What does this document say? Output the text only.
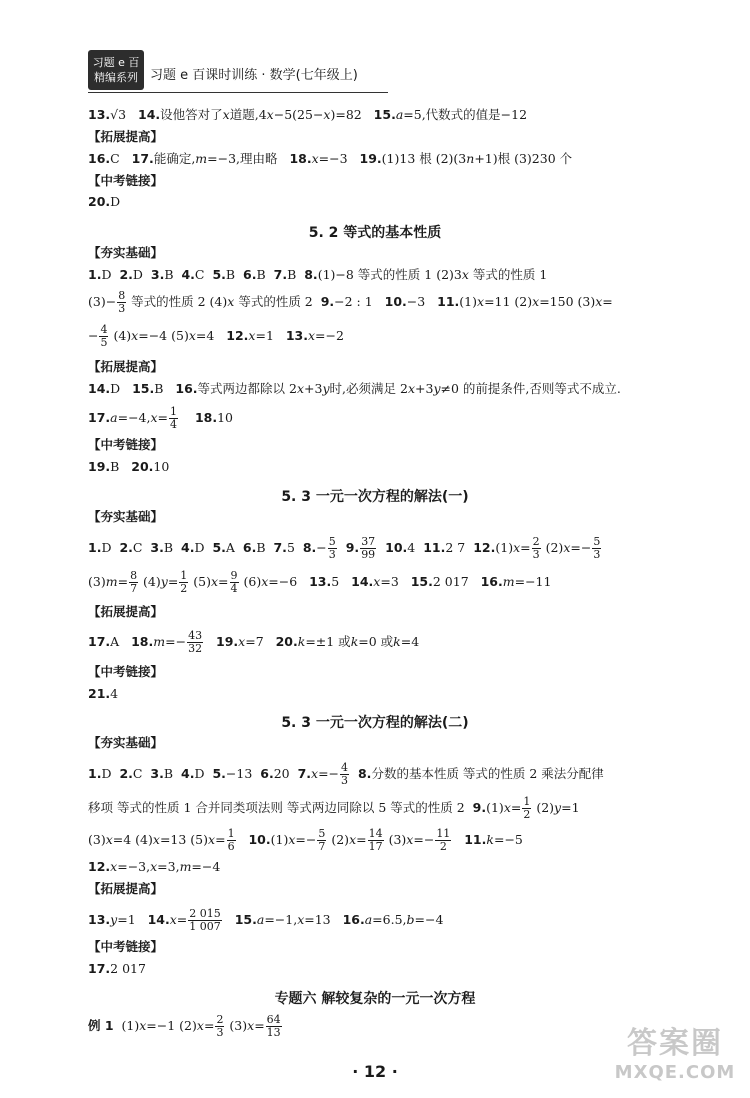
习题 e 百
精编系列 习题 e 百课时训练 · 数学(七年级上)
13.√3 14.设他答对了x道题,4x−5(25−x)=82 15.a=5,代数式的值是−12
【拓展提高】
16.C 17.能确定,m=−3,理由略 18.x=−3 19.(1)13 根 (2)(3n+1)根 (3)230 个
【中考链接】
20.D
5. 2 等式的基本性质
【夯实基础】
1.D 2.D 3.B 4.C 5.B 6.B 7.B 8.(1)−8 等式的性质 1 (2)3x 等式的性质 1
$(3)- \frac{8}{3}$ 等式的性质 2 (4)x 等式的性质 2 9.−2 : 1 10.−3 11.(1)x=11 (2)x=150 (3)x=
− $\frac{4}{5} (4)x=-4$ (5)x=4 12.x=1 13.x=−2
【拓展提高】
14.D 15.B 16.等式两边都除以 2x+3y时,必须满足 2x+3y≠0 的前提条件,否则等式不成立.
$17.a=-4,x= \frac{1}{4} 18.10$
【中考链接】
19.B 20.10
5. 3 一元一次方程的解法(一)
【夯实基础】
1.D 2.C 3.B 4.D 5.A 6.B 7.5 $8.- \frac{5}{3} 9$. $\frac{37}{99} 10.4$ 11.2 7 $12.(1)x= \frac{2}{3} (2)x=- \frac{5}{3}$
$(3)m= \frac{8}{7} (4)y= \frac{1}{2} (5)x= \frac{9}{4} (6)x=-6$ 13.5 14.x=3 15.2 017 16.m=−11
【拓展提高】
17.A $18.m=- \frac{43}{32} 19.x=7$ 20.k=±1 或k=0 或k=4
【中考链接】
21.4
5. 3 一元一次方程的解法(二)
【夯实基础】
1.D 2.C 3.B 4.D 5.−13 6.20 $7.x=- \frac{4}{3} 8$.分数的基本性质 等式的性质 2 乘法分配律
移项 等式的性质 1 合并同类项法则 等式两边同除以 5 等式的性质 2 $9.(1)x= \frac{1}{2} (2)y=1$
(3)x=4 (4)x=13 $(5)x= \frac{1}{6} 10.(1)x=- \frac{5}{7} (2)x= \frac{14}{17} (3)x=- \frac{11}{2} 11.k=-5$
12.x=−3,x=3,m=−4
【拓展提高】
13.y=1 $14.x= \frac{2 015}{1 007} 15.a=-1,x=13$ 16.a=6.5,b=−4
【中考链接】
17.2 017
专题六 解较复杂的一元一次方程
例 1 (1)x=−1 $(2)x= \frac{2}{3} (3)x= \frac{64}{13}$
· 12 ·
答案圈
MXQE.COM
